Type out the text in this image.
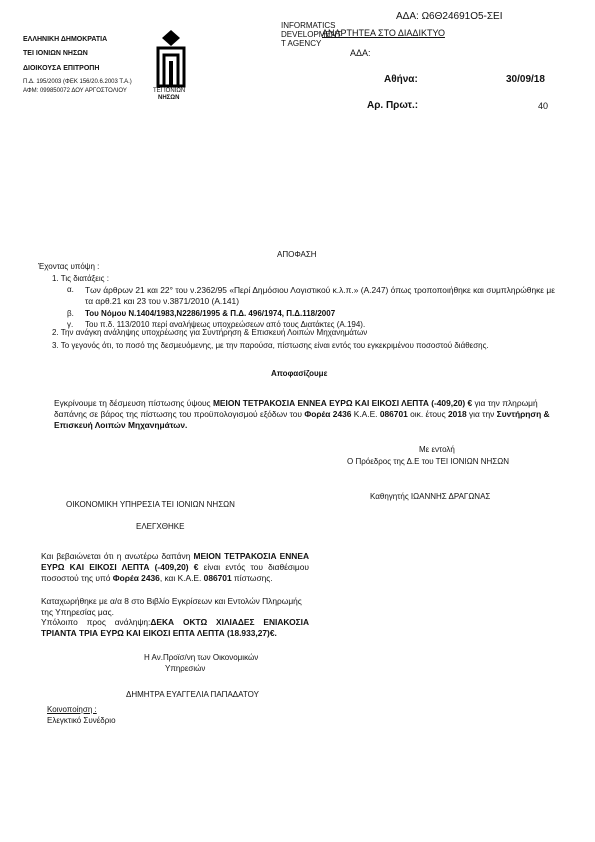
ΑΔΑ: Ω6Θ24691Ο5-ΣΕΙ
ΕΛΛΗΝΙΚΗ ΔΗΜΟΚΡΑΤΙΑ
ΤΕΙ ΙΟΝΙΩΝ ΝΗΣΩΝ
ΔΙΟΙΚΟΥΣΑ ΕΠΙΤΡΟΠΗ
Π.Δ. 195/2003 (ΦΕΚ 156/20.6.2003 Τ.Α.)
ΑΦΜ: 099850072 ΔΟΥ ΑΡΓΟΣΤΟΛΙΟΥ	ΤΕΙ ΙΟΝΙΩΝ
ΝΗΣΩΝ
INFORMATICS
DEVELOPMENT
T AGENCY
ΑΝΑΡΤΗΤΕΑ ΣΤΟ ΔΙΑΔΙΚΤΥΟ
ΑΔΑ:
Αθήνα:	30/09/18
Αρ. Πρωτ.:	40
ΑΠΟΦΑΣΗ
Έχοντας υπόψη :
1. Τις διατάξεις :
α. Των άρθρων 21 και 22° του ν.2362/95 «Περί Δημόσιου Λογιστικού κ.λ.π.» (Α.247) όπως τροποποιήθηκε και συμπληρώθηκε με τα αρθ.21 και 23 του ν.3871/2010 (Α.141)
β. Του Νόμου Ν.1404/1983,Ν2286/1995 & Π.Δ. 496/1974, Π.Δ.118/2007
γ. Του π.δ. 113/2010 περί αναλήψεως υποχρεώσεων από τους Διατάκτες (Α.194).
2. Την ανάγκη ανάληψης υποχρέωσης για Συντήρηση & Επισκευή Λοιπών Μηχανημάτων
3. Το γεγονός ότι, το ποσό της δεσμευόμενης, με την παρούσα, πίστωσης είναι εντός του εγκεκριμένου ποσοστού διάθεσης.
Αποφασίζουμε
Εγκρίνουμε τη δέσμευση πίστωσης ύψους ΜΕΙΟΝ ΤΕΤΡΑΚΟΣΙΑ ΕΝΝΕΑ ΕΥΡΩ ΚΑΙ ΕΙΚΟΣΙ ΛΕΠΤΑ (-409,20) € για την πληρωμή δαπάνης σε βάρος της πίστωσης του προϋπολογισμού εξόδων του Φορέα 2436 Κ.Α.Ε. 086701 οικ. έτους 2018 για την Συντήρηση & Επισκευή Λοιπών Μηχανημάτων.
Με εντολή
Ο Πρόεδρος της Δ.Ε του ΤΕΙ ΙΟΝΙΩΝ ΝΗΣΩΝ
Καθηγητής ΙΩΑΝΝΗΣ ΔΡΑΓΩΝΑΣ
ΟΙΚΟΝΟΜΙΚΗ ΥΠΗΡΕΣΙΑ ΤΕΙ ΙΟΝΙΩΝ ΝΗΣΩΝ
ΕΛΕΓΧΘΗΚΕ
Και βεβαιώνεται ότι η ανωτέρω δαπάνη ΜΕΙΟΝ ΤΕΤΡΑΚΟΣΙΑ ΕΝΝΕΑ ΕΥΡΩ ΚΑΙ ΕΙΚΟΣΙ ΛΕΠΤΑ (-409,20) € είναι εντός του διαθέσιμου ποσοστού της υπό Φορέα 2436, και Κ.Α.Ε. 086701 πίστωσης.
Καταχωρήθηκε με α/α 8 στο Βιβλίο Εγκρίσεων και Εντολών Πληρωμής της Υπηρεσίας μας.
Υπόλοιπο προς ανάληψη:ΔΕΚΑ ΟΚΤΩ ΧΙΛΙΑΔΕΣ ΕΝΙΑΚΟΣΙΑ ΤΡΙΑΝΤΑ ΤΡΙΑ ΕΥΡΩ ΚΑΙ ΕΙΚΟΣΙ ΕΠΤΑ ΛΕΠΤΑ (18.933,27)€.
Η Αν.Προϊσ/νη των Οικονομικών
Υπηρεσιών
ΔΗΜΗΤΡΑ ΕΥΑΓΓΕΛΙΑ ΠΑΠΑΔΑΤΟΥ
Κοινοποίηση :
Ελεγκτικό Συνέδριο
